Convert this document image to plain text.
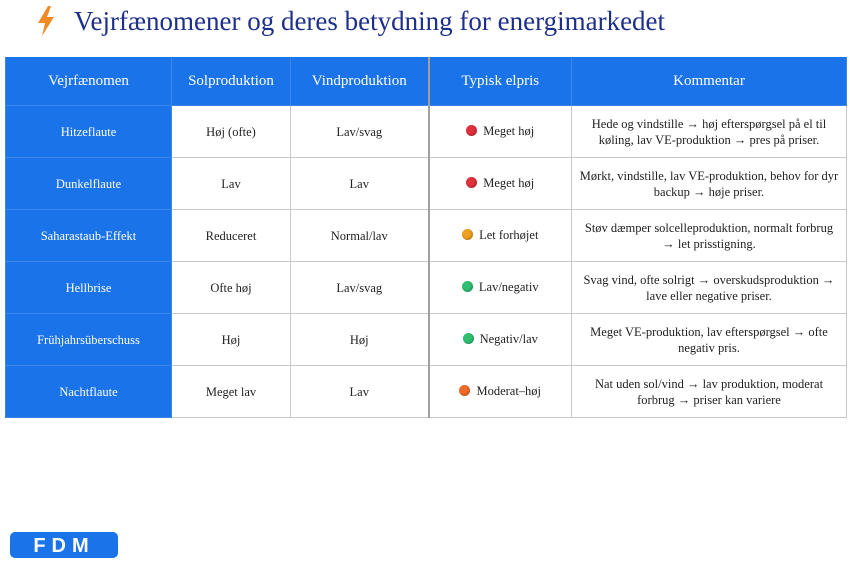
Vejrfænomener og deres betydning for energimarkedet
Vejrfænomen	Solproduktion	Vindproduktion	Typisk elpris	Kommentar
Hitzeflaute	Høj (ofte)	Lav/svag	Meget høj	Hede og vindstille → høj efterspørgsel på el til køling, lav VE-produktion → pres på priser.
Dunkelflaute	Lav	Lav	Meget høj	Mørkt, vindstille, lav VE-produktion, behov for dyr backup → høje priser.
Saharastaub-Effekt	Reduceret	Normal/lav	Let forhøjet	Støv dæmper solcelleproduktion, normalt forbrug → let prisstigning.
Hellbrise	Ofte høj	Lav/svag	Lav/negativ	Svag vind, ofte solrigt → overskudsproduktion → lave eller negative priser.
Frühjahrsüberschuss	Høj	Høj	Negativ/lav	Meget VE-produktion, lav efterspørgsel → ofte negativ pris.
Nachtflaute	Meget lav	Lav	Moderat–høj	Nat uden sol/vind → lav produktion, moderat forbrug → priser kan variere
FDM
